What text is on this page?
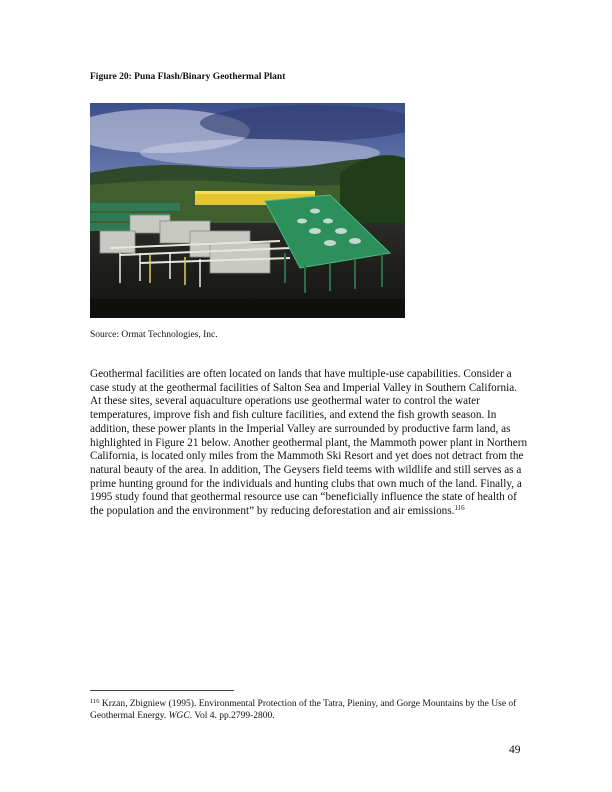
Figure 20: Puna Flash/Binary Geothermal Plant
Source: Ormat Technologies, Inc.
Geothermal facilities are often located on lands that have multiple-use capabilities. Consider a case study at the geothermal facilities of Salton Sea and Imperial Valley in Southern California. At these sites, several aquaculture operations use geothermal water to control the water temperatures, improve fish and fish culture facilities, and extend the fish growth season. In addition, these power plants in the Imperial Valley are surrounded by productive farm land, as highlighted in Figure 21 below. Another geothermal plant, the Mammoth power plant in Northern California, is located only miles from the Mammoth Ski Resort and yet does not detract from the natural beauty of the area. In addition, The Geysers field teems with wildlife and still serves as a prime hunting ground for the individuals and hunting clubs that own much of the land. Finally, a 1995 study found that geothermal resource use can “beneficially influence the state of health of the population and the environment” by reducing deforestation and air emissions.$^{116}$
$^{116}$ Krzan, Zbigniew (1995). Environmental Protection of the Tatra, Pieniny, and Gorge Mountains by the Use of Geothermal Energy. WGC. Vol 4. pp.2799-2800.
49
